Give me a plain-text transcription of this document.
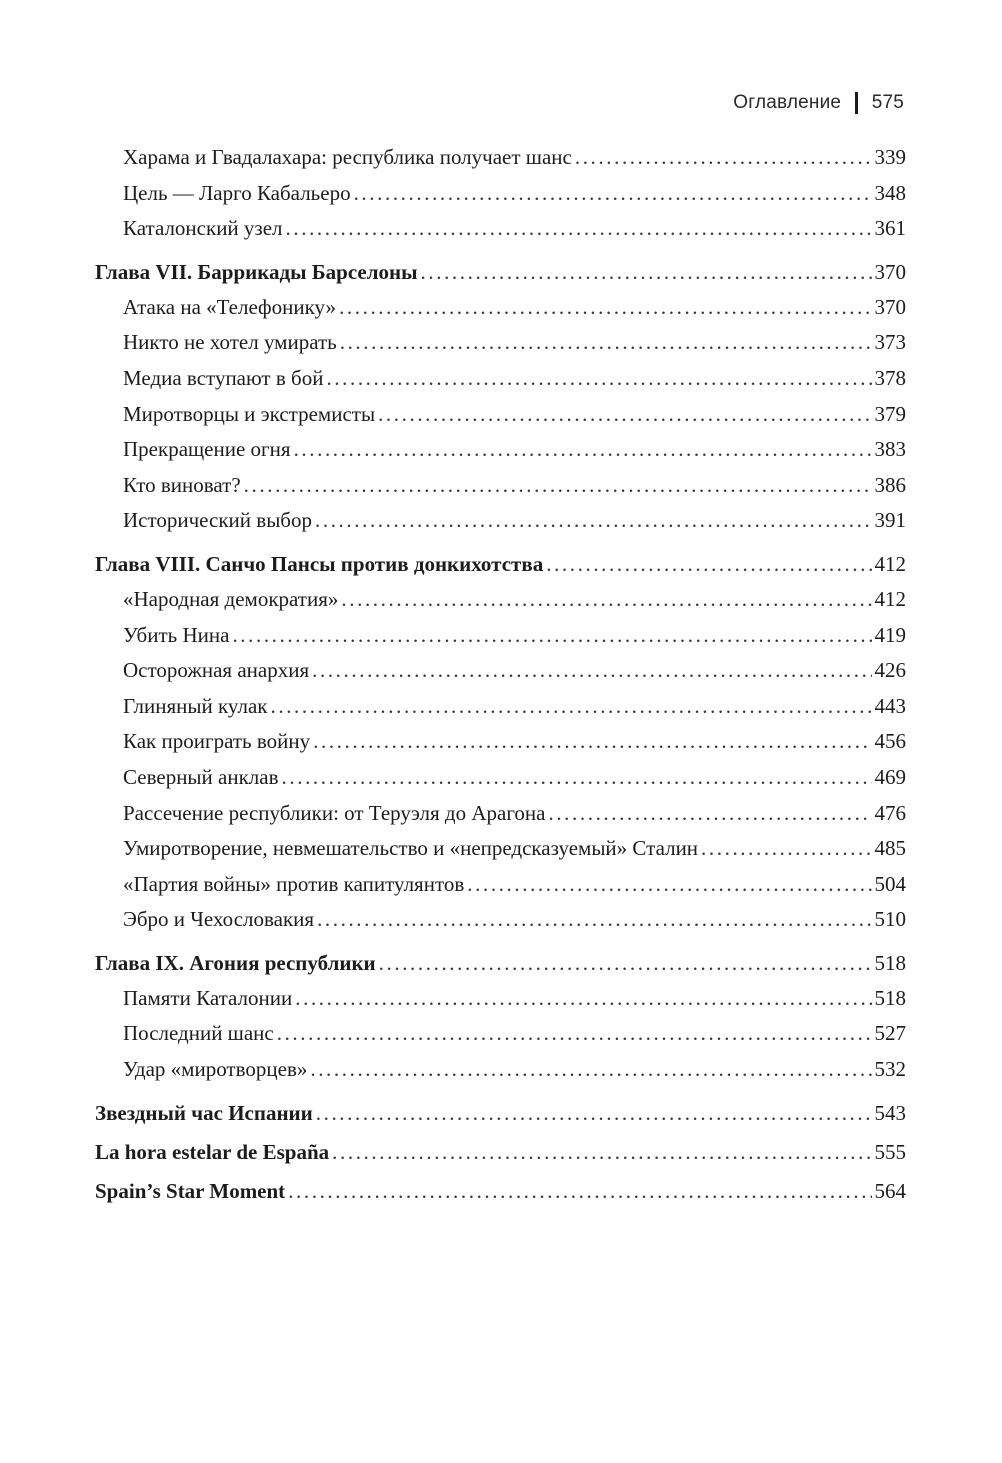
Оглавление 575
Харама и Гвадалахара: республика получает шанс .....	339
Цель — Ларго Кабальеро .....	348
Каталонский узел .....	361
Глава VII. Баррикады Барселоны .....	370
Атака на «Телефонику» .....	370
Никто не хотел умирать .....	373
Медиа вступают в бой .....	378
Миротворцы и экстремисты .....	379
Прекращение огня .....	383
Кто виноват? .....	386
Исторический выбор .....	391
Глава VIII. Санчо Пансы против донкихотства .....	412
«Народная демократия» .....	412
Убить Нина .....	419
Осторожная анархия .....	426
Глиняный кулак .....	443
Как проиграть войну .....	456
Северный анклав .....	469
Рассечение республики: от Теруэля до Арагона .....	476
Умиротворение, невмешательство и «непредсказуемый» Сталин .....	485
«Партия войны» против капитулянтов .....	504
Эбро и Чехословакия .....	510
Глава IX. Агония республики .....	518
Памяти Каталонии .....	518
Последний шанс .....	527
Удар «миротворцев» .....	532
Звездный час Испании .....	543
La hora estelar de España .....	555
Spain’s Star Moment .....	564
